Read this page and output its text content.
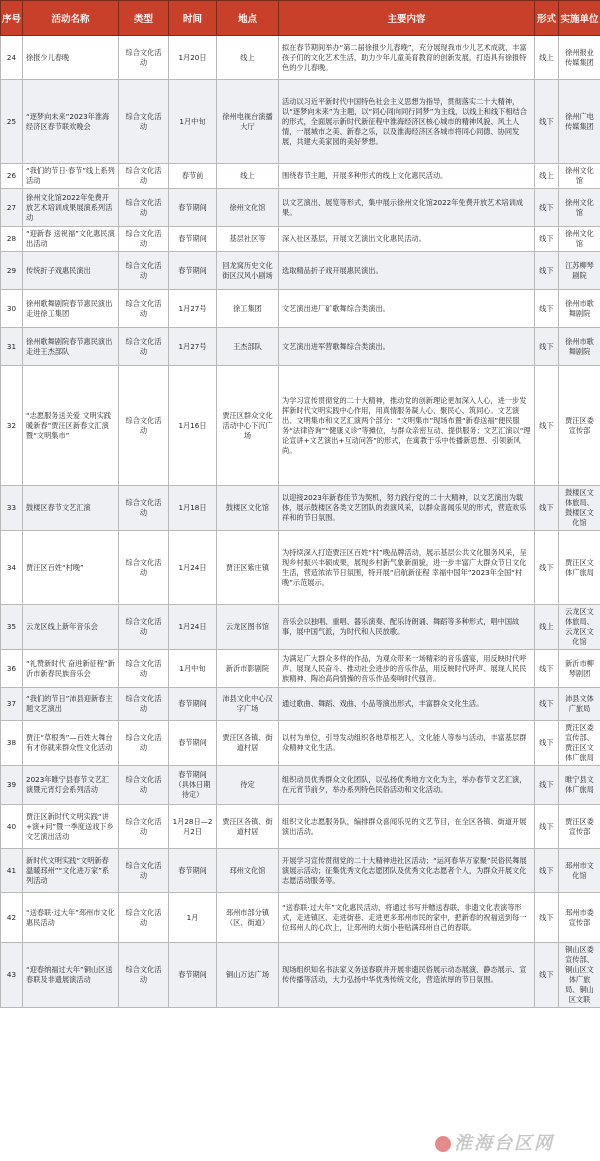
序号	活动名称	类型	时间	地点	主要内容	形式	实施单位
24	徐报少儿春晚	综合文化活动	1月20日	线上	拟在春节期间举办“第二届徐报少儿春晚”，充分展现我市少儿艺术成就，丰富孩子们的文化艺术生活，助力少年儿童美育教育的创新发展，打造具有徐报特色的少儿春晚。	线上	徐州报业传媒集团
25	“逐梦向未来”2023年淮海经济区春节联欢晚会	综合文化活动	1月中旬	徐州电视台演播大厅	活动以习近平新时代中国特色社会主义思想为指导，贯彻落实二十大精神，以“逐梦向未来”为主题，以“同心同向同行同梦”为主线，以线上和线下相结合的形式，全面展示新时代新征程中淮海经济区核心城市的精神风貌、风土人情，一展城市之美、新春之乐，以及淮海经济区各城市将同心同德、协同发展，共建大美家园的美好梦想。	线下	徐州广电传媒集团
26	“我们的节日·春节”线上系列活动	综合文化活动	春节前	线上	围绕春节主题，开展多种形式的线上文化惠民活动。	线上	徐州文化馆
27	徐州文化馆2022年免费开放艺术培训成果展演系列活动	综合文化活动	春节期间	徐州文化馆	以文艺演出、展览等形式，集中展示徐州文化馆2022年免费开放艺术培训成果。	线下	徐州文化馆
28	“迎新春 送祝福”文化惠民演出活动	综合文化活动	春节期间	基层社区等	深入社区基层，开展文艺演出文化惠民活动。	线下	徐州文化馆
29	传统折子戏惠民演出	综合文化活动	春节期间	回龙窝历史文化街区汉风小剧场	选取精品折子戏开展惠民演出。	线下	江苏柳琴剧院
30	徐州歌舞剧院春节惠民演出走进徐工集团	综合文化活动	1月27号	徐工集团	文艺演出进厂矿歌舞综合类演出。	线下	徐州市歌舞剧院
31	徐州歌舞剧院春节惠民演出走进王杰部队	综合文化活动	1月27号	王杰部队	文艺演出进军营歌舞综合类演出。	线下	徐州市歌舞剧院
32	“志愿服务送关爱 文明实践暖新春”贾汪区新春文汇演暨“文明集市”	综合文化活动	1月16日	贾汪区群众文化活动中心下沉广场	为学习宣传贯彻党的二十大精神，推动党的创新理论更加深入人心，进一步发挥新时代文明实践中心作用，用真情服务凝人心、聚民心、筑同心。文艺演出、文明集市和文艺汇演两个部分：“文明集市”现场布置“新春送福”便民服务“法律咨询”“健康义诊”等摊位，与群众亲密互动、提供服务；文艺汇演以“理论宣讲+文艺演出+互动问答”的形式，在寓教于乐中传播新思想、引领新风尚。	线下	贾汪区委宣传部
33	鼓楼区春节文艺汇演	综合文化活动	1月18日	鼓楼区文化馆	以迎接2023年新春佳节为契机，努力践行党的二十大精神，以文艺演出为载体，展示鼓楼区各类文艺团队的表演风采，以群众喜闻乐见的形式，营造欢乐祥和的节日氛围。	线下	鼓楼区文体旅局、鼓楼区文化馆
34	贾汪区百姓“村晚”	综合文化活动	1月24日	贾汪区紫庄镇	为持续深入打造贾汪区百姓“村”晚品牌活动，展示基层公共文化服务风采，呈现乡村振兴丰硕成果，展现乡村新气象新面貌，进一步丰富广大群众节日文化生活，营造浓浓节日氛围，特开展“启航新征程 幸福中国年”2023年全国“村晚”示范展示。	线下	贾汪区文体广旅局
35	云龙区线上新年音乐会	综合文化活动	1月24日	云龙区图书馆	音乐会以独唱、重唱、器乐演奏、配乐诗朗诵、舞蹈等多种形式，唱中国故事，展中国气派，为时代和人民放歌。	线上	云龙区文体旅局、云龙区文化馆
36	“礼赞新时代 奋进新征程”新沂市新春民族音乐会	综合文化活动	1月中旬	新沂市影剧院	为满足广大群众多样的作品，为观众带来一场精彩的音乐盛宴，用反映时代呼声、展现人民奋斗、推动社会进步的音乐作品，用反映时代呼声、展现人民民族精神、陶冶高尚情操的音乐作品奏响时代强音。	线下	新沂市柳琴剧团
37	“我们的节日”沛县迎新春主题文艺演出	综合文化活动	春节期间	沛县文化中心汉字广场	通过歌曲、舞蹈、戏曲、小品等演出形式，丰富群众文化生活。	线下	沛县文体广旅局
38	贾汪“草根秀”—百姓大舞台 有才你就来群众性文化活动	综合文化活动	春节期间	贾汪区各镇、街道村居	以村为单位，引导发动组织各地草根艺人、文化能人等参与活动，丰富基层群众精神文化生活。	线下	贾汪区委宣传部、贾汪区文体广旅局
39	2023年睢宁县春节文艺汇演暨元宵灯会系列活动	综合文化活动	春节期间（具体日期待定）	待定	组织动员优秀群众文化团队，以弘扬优秀地方文化为主，举办春节文艺汇演，在元宵节前夕，举办系列特色民俗活动和文化活动。	线下	睢宁县文体广旅局
40	贾汪区新时代文明实践“讲+演+问”暨一季度送戏下乡文艺演出活动	综合文化活动	1月28日—2月2日	贾汪区各镇、街道村居	组织文化志愿服务队，编排群众喜闻乐见的文艺节目，在全区各镇、街道开展演出活动。	线下	贾汪区委宣传部
41	新时代文明实践“文明新春温暖邳州”“文化进万家”系列活动	综合文化活动	春节期间	邳州文化馆	开展学习宣传贯彻党的二十大精神进社区活动；“运河春华万家聚”民俗民舞展演展示活动；征集优秀文化志愿团队及优秀文化志愿者个人，为群众开展文化志愿活动服务等。	线下	邳州市文化馆
42	“送春联·过大年”邳州市文化惠民活动	综合文化活动	1月	邳州市部分镇（区、街道）	“送春联·过大年”文化惠民活动，将通过书写并赠送春联、非遗文化表演等形式，走进镇区、走进街巷、走进更多邳州市民的家中，把新春的祝福送到每一位邳州人的心坎上，让邳州的大街小巷贴满邳州自己的春联。	线下	邳州市委宣传部
43	“迎春纳福过大年”铜山区送春联及非遗展演活动	综合文化活动	春节期间	铜山万达广场	现场组织知名书法家义务送春联并开展非遗民俗展示动态展演、静态展示、宣传传播等活动，大力弘扬中华优秀传统文化，营造浓厚的节日氛围。	线下	铜山区委宣传部、铜山区文体广旅局、铜山区文联
淮海台区网
